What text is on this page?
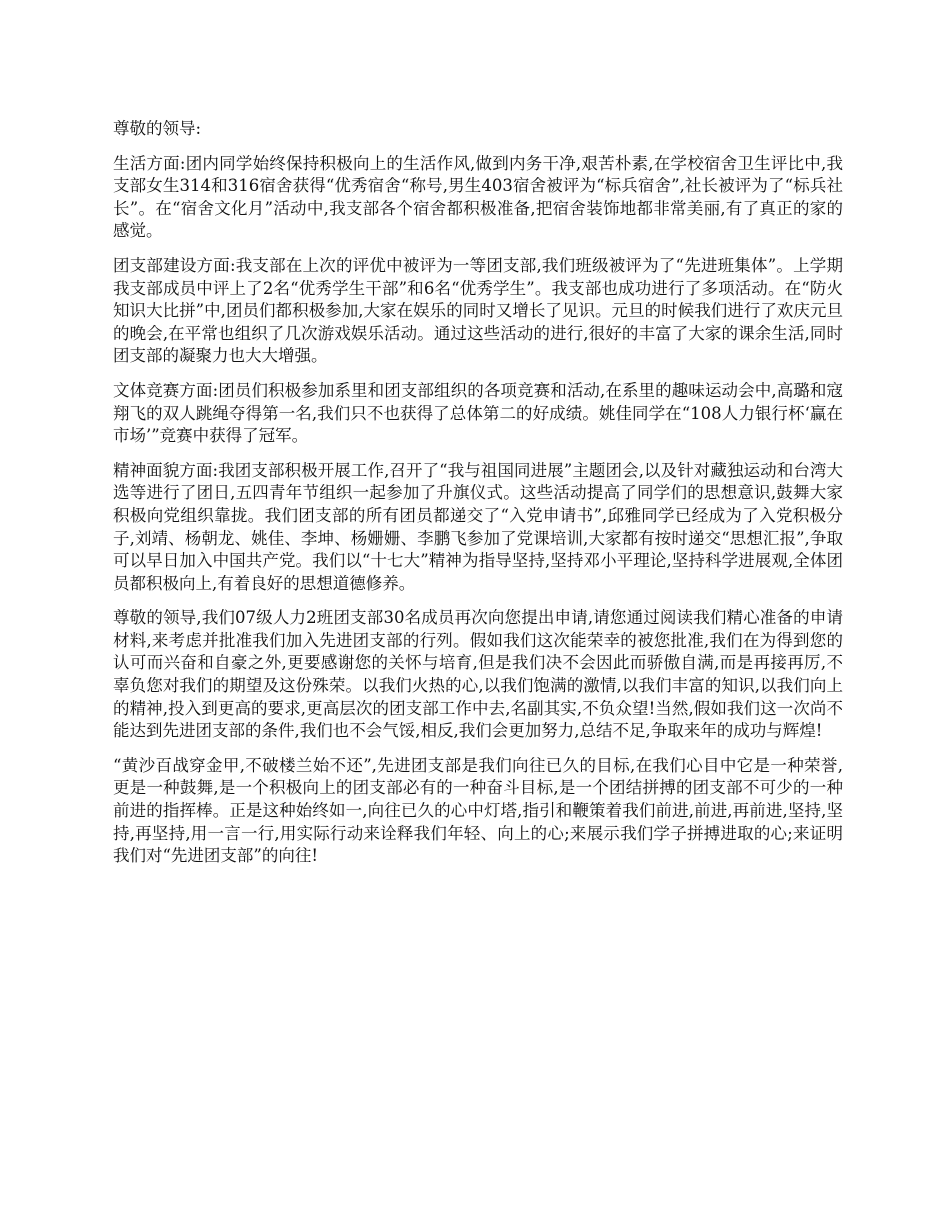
尊敬的领导:

生活方面:团内同学始终保持积极向上的生活作风,做到内务干净,艰苦朴素,在学校宿舍卫生评比中,我支部女生314和316宿舍获得“优秀宿舍“称号,男生403宿舍被评为“标兵宿舍”,社长被评为了“标兵社长”。在“宿舍文化月”活动中,我支部各个宿舍都积极准备,把宿舍装饰地都非常美丽,有了真正的家的感觉。

团支部建设方面:我支部在上次的评优中被评为一等团支部,我们班级被评为了“先进班集体”。上学期我支部成员中评上了2名“优秀学生干部”和6名“优秀学生”。我支部也成功进行了多项活动。在“防火知识大比拼”中,团员们都积极参加,大家在娱乐的同时又增长了见识。元旦的时候我们进行了欢庆元旦的晚会,在平常也组织了几次游戏娱乐活动。通过这些活动的进行,很好的丰富了大家的课余生活,同时团支部的凝聚力也大大增强。

文体竞赛方面:团员们积极参加系里和团支部组织的各项竞赛和活动,在系里的趣味运动会中,高璐和寇翔飞的双人跳绳夺得第一名,我们只不也获得了总体第二的好成绩。姚佳同学在“108人力银行杯‘赢在市场’”竞赛中获得了冠军。

精神面貌方面:我团支部积极开展工作,召开了“我与祖国同进展”主题团会,以及针对藏独运动和台湾大选等进行了团日,五四青年节组织一起参加了升旗仪式。这些活动提高了同学们的思想意识,鼓舞大家积极向党组织靠拢。我们团支部的所有团员都递交了“入党申请书”,邱雅同学已经成为了入党积极分子,刘靖、杨朝龙、姚佳、李坤、杨姗姗、李鹏飞参加了党课培训,大家都有按时递交“思想汇报”,争取可以早日加入中国共产党。我们以“十七大”精神为指导坚持,坚持邓小平理论,坚持科学进展观,全体团员都积极向上,有着良好的思想道德修养。

尊敬的领导,我们07级人力2班团支部30名成员再次向您提出申请,请您通过阅读我们精心准备的申请材料,来考虑并批准我们加入先进团支部的行列。假如我们这次能荣幸的被您批准,我们在为得到您的认可而兴奋和自豪之外,更要感谢您的关怀与培育,但是我们决不会因此而骄傲自满,而是再接再厉,不辜负您对我们的期望及这份殊荣。以我们火热的心,以我们饱满的激情,以我们丰富的知识,以我们向上的精神,投入到更高的要求,更高层次的团支部工作中去,名副其实,不负众望!当然,假如我们这一次尚不能达到先进团支部的条件,我们也不会气馁,相反,我们会更加努力,总结不足,争取来年的成功与辉煌!

“黄沙百战穿金甲,不破楼兰始不还”,先进团支部是我们向往已久的目标,在我们心目中它是一种荣誉,更是一种鼓舞,是一个积极向上的团支部必有的一种奋斗目标,是一个团结拼搏的团支部不可少的一种前进的指挥棒。正是这种始终如一,向往已久的心中灯塔,指引和鞭策着我们前进,前进,再前进,坚持,坚持,再坚持,用一言一行,用实际行动来诠释我们年轻、向上的心;来展示我们学子拼搏进取的心;来证明我们对“先进团支部”的向往!
